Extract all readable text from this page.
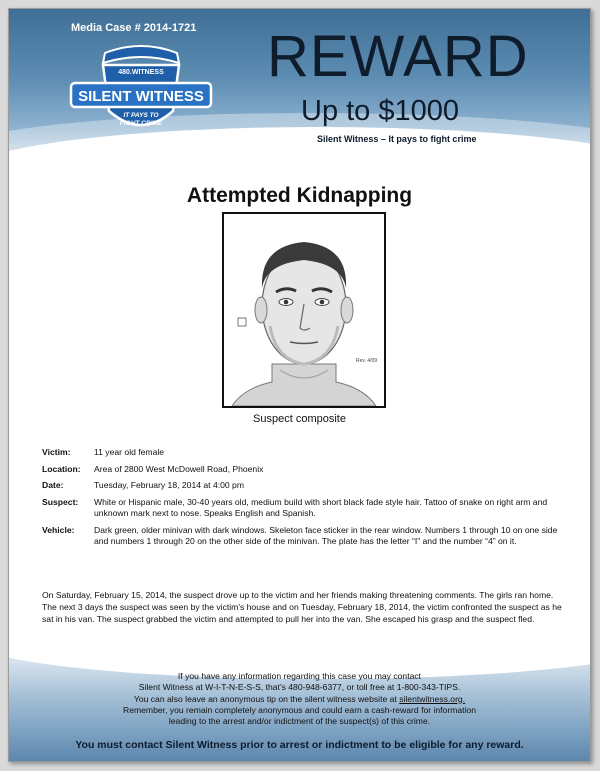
Media Case # 2014-1721
480.WITNESS
SILENT WITNESS
IT PAYS TO
FIGHT CRIME
REWARD
Up to $1000
Silent Witness – It pays to fight crime
Attempted Kidnapping
Rev. 4/09
Suspect composite
Victim:	11 year old female
Location:	Area of 2800 West McDowell Road, Phoenix
Date:	Tuesday, February 18, 2014 at 4:00 pm
Suspect:	White or Hispanic male, 30-40 years old, medium build with short black fade style hair. Tattoo of snake on right arm and unknown mark next to nose. Speaks English and Spanish.
Vehicle:	Dark green, older minivan with dark windows. Skeleton face sticker in the rear window. Numbers 1 through 10 on one side and numbers 1 through 20 on the other side of the minivan. The plate has the letter “I” and the number “4” on it.
On Saturday, February 15, 2014, the suspect drove up to the victim and her friends making threatening comments. The girls ran home. The next 3 days the suspect was seen by the victim's house and on Tuesday, February 18, 2014, the victim confronted the suspect as he sat in his van. The suspect grabbed the victim and attempted to pull her into the van. She escaped his grasp and the suspect fled.
If you have any information regarding this case you may contact
Silent Witness at W-I-T-N-E-S-S, that's 480-948-6377, or toll free at 1-800-343-TIPS.
You can also leave an anonymous tip on the silent witness website at silentwitness.org.
Remember, you remain completely anonymous and could earn a cash-reward for information
leading to the arrest and/or indictment of the suspect(s) of this crime.
You must contact Silent Witness prior to arrest or indictment to be eligible for any reward.
